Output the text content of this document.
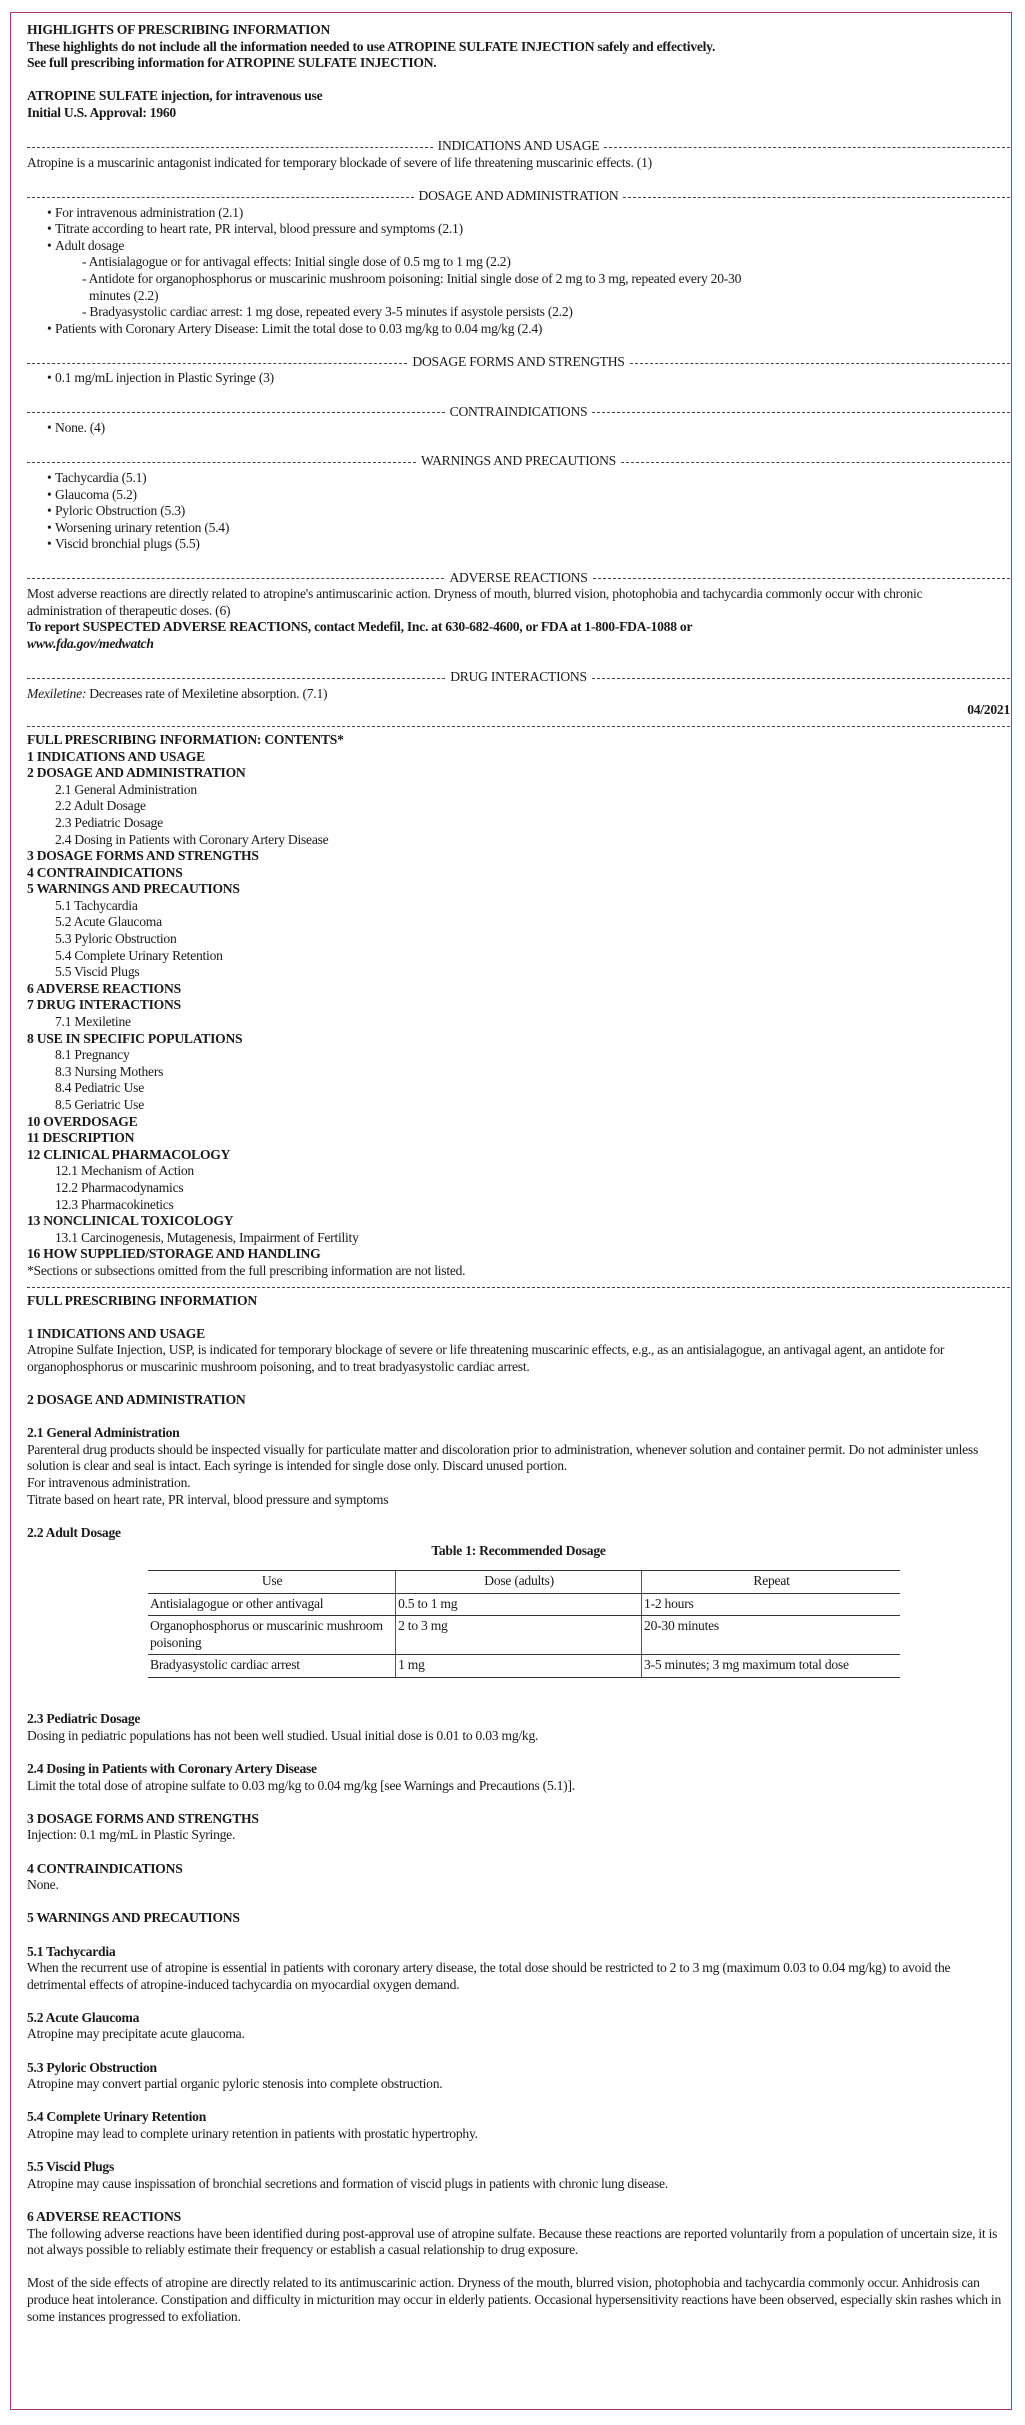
HIGHLIGHTS OF PRESCRIBING INFORMATION

These highlights do not include all the information needed to use ATROPINE SULFATE INJECTION safely and effectively.

See full prescribing information for ATROPINE SULFATE INJECTION.

ATROPINE SULFATE injection, for intravenous use

Initial U.S. Approval: 1960

INDICATIONS AND USAGE

Atropine is a muscarinic antagonist indicated for temporary blockade of severe of life threatening muscarinic effects. (1)

DOSAGE AND ADMINISTRATION

• For intravenous administration (2.1)

• Titrate according to heart rate, PR interval, blood pressure and symptoms (2.1)

• Adult dosage

- Antisialagogue or for antivagal effects: Initial single dose of 0.5 mg to 1 mg (2.2)

- Antidote for organophosphorus or muscarinic mushroom poisoning: Initial single dose of 2 mg to 3 mg, repeated every 20-30

minutes (2.2)

- Bradyasystolic cardiac arrest: 1 mg dose, repeated every 3-5 minutes if asystole persists (2.2)

• Patients with Coronary Artery Disease: Limit the total dose to 0.03 mg/kg to 0.04 mg/kg (2.4)

DOSAGE FORMS AND STRENGTHS

• 0.1 mg/mL injection in Plastic Syringe (3)

CONTRAINDICATIONS

• None. (4)

WARNINGS AND PRECAUTIONS

• Tachycardia (5.1)

• Glaucoma (5.2)

• Pyloric Obstruction (5.3)

• Worsening urinary retention (5.4)

• Viscid bronchial plugs (5.5)

ADVERSE REACTIONS

Most adverse reactions are directly related to atropine's antimuscarinic action. Dryness of mouth, blurred vision, photophobia and tachycardia commonly occur with chronic administration of therapeutic doses. (6)

To report SUSPECTED ADVERSE REACTIONS, contact Medefil, Inc. at 630-682-4600, or FDA at 1-800-FDA-1088 or

www.fda.gov/medwatch

DRUG INTERACTIONS

Mexiletine: Decreases rate of Mexiletine absorption. (7.1)

04/2021

FULL PRESCRIBING INFORMATION: CONTENTS*

1 INDICATIONS AND USAGE

2 DOSAGE AND ADMINISTRATION

2.1 General Administration

2.2 Adult Dosage

2.3 Pediatric Dosage

2.4 Dosing in Patients with Coronary Artery Disease

3 DOSAGE FORMS AND STRENGTHS

4 CONTRAINDICATIONS

5 WARNINGS AND PRECAUTIONS

5.1 Tachycardia

5.2 Acute Glaucoma

5.3 Pyloric Obstruction

5.4 Complete Urinary Retention

5.5 Viscid Plugs

6 ADVERSE REACTIONS

7 DRUG INTERACTIONS

7.1 Mexiletine

8 USE IN SPECIFIC POPULATIONS

8.1 Pregnancy

8.3 Nursing Mothers

8.4 Pediatric Use

8.5 Geriatric Use

10 OVERDOSAGE

11 DESCRIPTION

12 CLINICAL PHARMACOLOGY

12.1 Mechanism of Action

12.2 Pharmacodynamics

12.3 Pharmacokinetics

13 NONCLINICAL TOXICOLOGY

13.1 Carcinogenesis, Mutagenesis, Impairment of Fertility

16 HOW SUPPLIED/STORAGE AND HANDLING

*Sections or subsections omitted from the full prescribing information are not listed.

FULL PRESCRIBING INFORMATION

1 INDICATIONS AND USAGE

Atropine Sulfate Injection, USP, is indicated for temporary blockage of severe or life threatening muscarinic effects, e.g., as an antisialagogue, an antivagal agent, an antidote for organophosphorus or muscarinic mushroom poisoning, and to treat bradyasystolic cardiac arrest.

2 DOSAGE AND ADMINISTRATION

2.1 General Administration

Parenteral drug products should be inspected visually for particulate matter and discoloration prior to administration, whenever solution and container permit. Do not administer unless solution is clear and seal is intact. Each syringe is intended for single dose only. Discard unused portion.

For intravenous administration.

Titrate based on heart rate, PR interval, blood pressure and symptoms

2.2 Adult Dosage

Table 1: Recommended Dosage

Use	Dose (adults)	Repeat
Antisialagogue or other antivagal	0.5 to 1 mg	1-2 hours
Organophosphorus or muscarinic mushroom poisoning	2 to 3 mg	20-30 minutes
Bradyasystolic cardiac arrest	1 mg	3-5 minutes; 3 mg maximum total dose

2.3 Pediatric Dosage

Dosing in pediatric populations has not been well studied. Usual initial dose is 0.01 to 0.03 mg/kg.

2.4 Dosing in Patients with Coronary Artery Disease

Limit the total dose of atropine sulfate to 0.03 mg/kg to 0.04 mg/kg [see Warnings and Precautions (5.1)].

3 DOSAGE FORMS AND STRENGTHS

Injection: 0.1 mg/mL in Plastic Syringe.

4 CONTRAINDICATIONS

None.

5 WARNINGS AND PRECAUTIONS

5.1 Tachycardia

When the recurrent use of atropine is essential in patients with coronary artery disease, the total dose should be restricted to 2 to 3 mg (maximum 0.03 to 0.04 mg/kg) to avoid the detrimental effects of atropine-induced tachycardia on myocardial oxygen demand.

5.2 Acute Glaucoma

Atropine may precipitate acute glaucoma.

5.3 Pyloric Obstruction

Atropine may convert partial organic pyloric stenosis into complete obstruction.

5.4 Complete Urinary Retention

Atropine may lead to complete urinary retention in patients with prostatic hypertrophy.

5.5 Viscid Plugs

Atropine may cause inspissation of bronchial secretions and formation of viscid plugs in patients with chronic lung disease.

6 ADVERSE REACTIONS

The following adverse reactions have been identified during post-approval use of atropine sulfate. Because these reactions are reported voluntarily from a population of uncertain size, it is not always possible to reliably estimate their frequency or establish a casual relationship to drug exposure.

Most of the side effects of atropine are directly related to its antimuscarinic action. Dryness of the mouth, blurred vision, photophobia and tachycardia commonly occur. Anhidrosis can produce heat intolerance. Constipation and difficulty in micturition may occur in elderly patients. Occasional hypersensitivity reactions have been observed, especially skin rashes which in some instances progressed to exfoliation.
